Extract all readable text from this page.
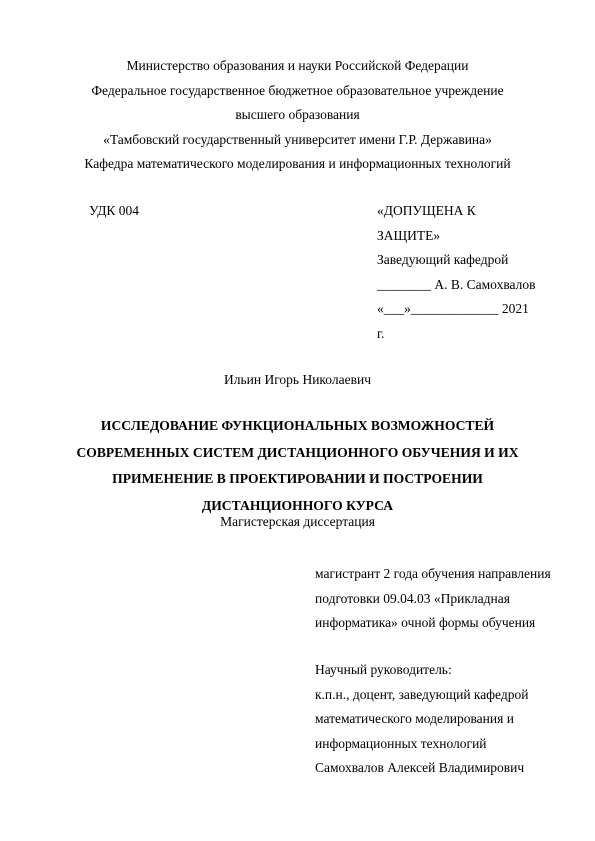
Министерство образования и науки Российской Федерации
Федеральное государственное бюджетное образовательное учреждение
высшего образования
«Тамбовский государственный университет имени Г.Р. Державина»
Кафедра математического моделирования и информационных технологий
УДК 004	«ДОПУЩЕНА К
ЗАЩИТЕ»
Заведующий кафедрой
________ А. В. Самохвалов
«___»_____________ 2021
г.
Ильин Игорь Николаевич
ИССЛЕДОВАНИЕ ФУНКЦИОНАЛЬНЫХ ВОЗМОЖНОСТЕЙ
СОВРЕМЕННЫХ СИСТЕМ ДИСТАНЦИОННОГО ОБУЧЕНИЯ И ИХ
ПРИМЕНЕНИЕ В ПРОЕКТИРОВАНИИ И ПОСТРОЕНИИ
ДИСТАНЦИОННОГО КУРСА
Магистерская диссертация
магистрант 2 года обучения направления
подготовки 09.04.03 «Прикладная
информатика» очной формы обучения
Научный руководитель:
к.п.н., доцент, заведующий кафедрой
математического моделирования и
информационных технологий
Самохвалов Алексей Владимирович
